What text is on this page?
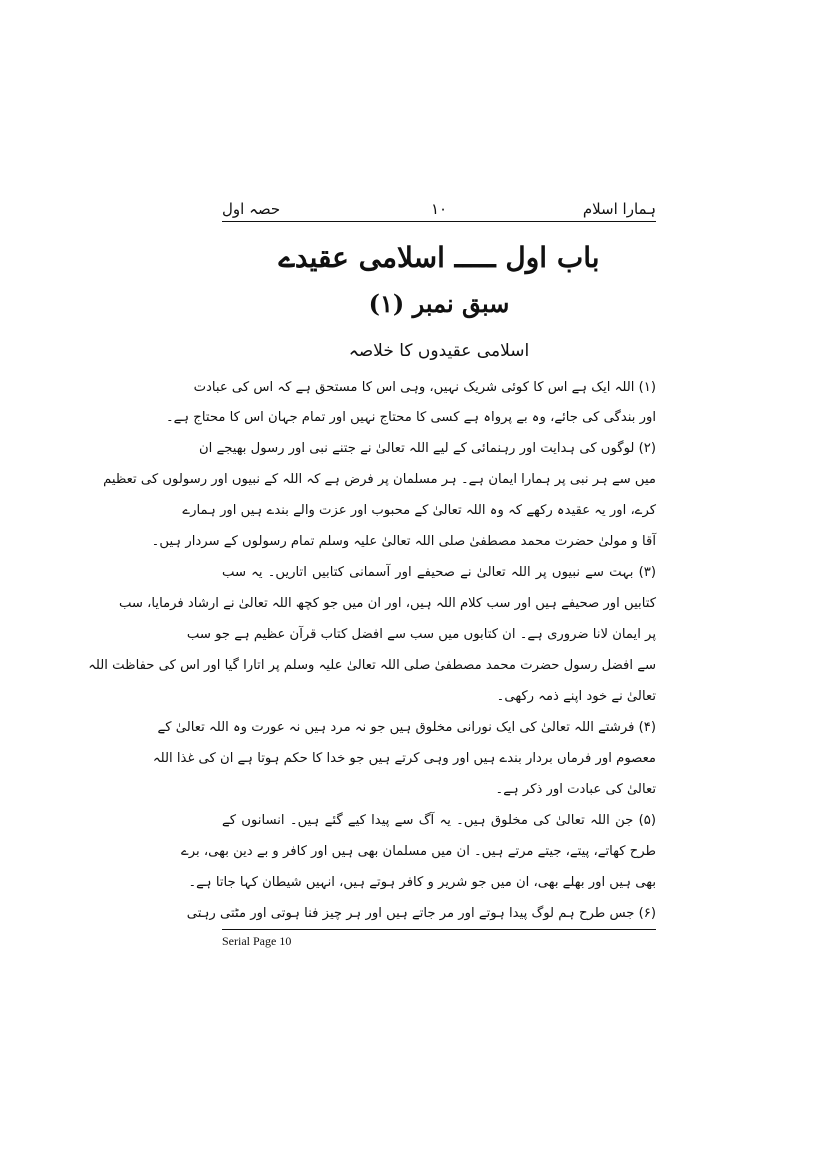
ہمارا اسلام
۱۰
حصہ اول
باب اول ـــــ اسلامی عقیدے
سبق نمبر (۱)
اسلامی عقیدوں کا خلاصہ
(۱) اللہ ایک ہے اس کا کوئی شریک نہیں، وہی اس کا مستحق ہے کہ اس کی عبادت
اور بندگی کی جائے، وہ بے پرواہ ہے کسی کا محتاج نہیں اور تمام جہان اس کا محتاج ہے۔
(۲) لوگوں کی ہدایت اور رہنمائی کے لیے اللہ تعالیٰ نے جتنے نبی اور رسول بھیجے ان
میں سے ہر نبی پر ہمارا ایمان ہے۔ ہر مسلمان پر فرض ہے کہ اللہ کے نبیوں اور رسولوں کی تعظیم
کرے، اور یہ عقیدہ رکھے کہ وہ اللہ تعالیٰ کے محبوب اور عزت والے بندے ہیں اور ہمارے
آقا و مولیٰ حضرت محمد مصطفیٰ صلی اللہ تعالیٰ علیہ وسلم تمام رسولوں کے سردار ہیں۔
(۳) بہت سے نبیوں پر اللہ تعالیٰ نے صحیفے اور آسمانی کتابیں اتاریں۔ یہ سب
کتابیں اور صحیفے ہیں اور سب کلام اللہ ہیں، اور ان میں جو کچھ اللہ تعالیٰ نے ارشاد فرمایا، سب
پر ایمان لانا ضروری ہے۔ ان کتابوں میں سب سے افضل کتاب قرآن عظیم ہے جو سب
سے افضل رسول حضرت محمد مصطفیٰ صلی اللہ تعالیٰ علیہ وسلم پر اتارا گیا اور اس کی حفاظت اللہ
تعالیٰ نے خود اپنے ذمہ رکھی۔
(۴) فرشتے اللہ تعالیٰ کی ایک نورانی مخلوق ہیں جو نہ مرد ہیں نہ عورت وہ اللہ تعالیٰ کے
معصوم اور فرماں بردار بندے ہیں اور وہی کرتے ہیں جو خدا کا حکم ہوتا ہے ان کی غذا اللہ
تعالیٰ کی عبادت اور ذکر ہے۔
(۵) جن اللہ تعالیٰ کی مخلوق ہیں۔ یہ آگ سے پیدا کیے گئے ہیں۔ انسانوں کے
طرح کھاتے، پیتے، جیتے مرتے ہیں۔ ان میں مسلمان بھی ہیں اور کافر و بے دین بھی، برے
بھی ہیں اور بھلے بھی، ان میں جو شریر و کافر ہوتے ہیں، انہیں شیطان کہا جاتا ہے۔
(۶) جس طرح ہم لوگ پیدا ہوتے اور مر جاتے ہیں اور ہر چیز فنا ہوتی اور مٹتی رہتی
Serial Page 10
